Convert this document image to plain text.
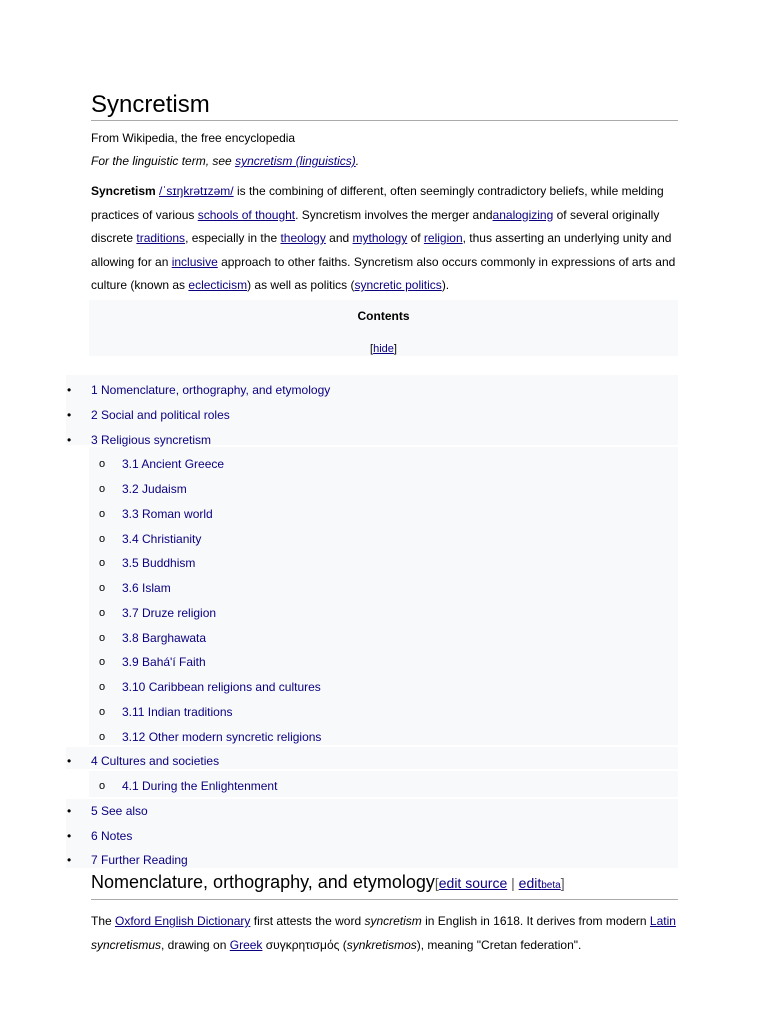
Syncretism
From Wikipedia, the free encyclopedia
For the linguistic term, see syncretism (linguistics).
Syncretism /ˈsɪŋkrətɪzəm/ is the combining of different, often seemingly contradictory beliefs, while melding practices of various schools of thought. Syncretism involves the merger andanalogizing of several originally discrete traditions, especially in the theology and mythology of religion, thus asserting an underlying unity and allowing for an inclusive approach to other faiths. Syncretism also occurs commonly in expressions of arts and culture (known as eclecticism) as well as politics (syncretic politics).
Contents
[hide]
• 1 Nomenclature, orthography, and etymology
• 2 Social and political roles
• 3 Religious syncretism
o 3.1 Ancient Greece
o 3.2 Judaism
o 3.3 Roman world
o 3.4 Christianity
o 3.5 Buddhism
o 3.6 Islam
o 3.7 Druze religion
o 3.8 Barghawata
o 3.9 Bahá'í Faith
o 3.10 Caribbean religions and cultures
o 3.11 Indian traditions
o 3.12 Other modern syncretic religions
• 4 Cultures and societies
o 4.1 During the Enlightenment
• 5 See also
• 6 Notes
• 7 Further Reading
Nomenclature, orthography, and etymology[edit source | editbeta]
The Oxford English Dictionary first attests the word syncretism in English in 1618. It derives from modern Latin syncretismus, drawing on Greek συγκρητισμός (synkretismos), meaning "Cretan federation".
